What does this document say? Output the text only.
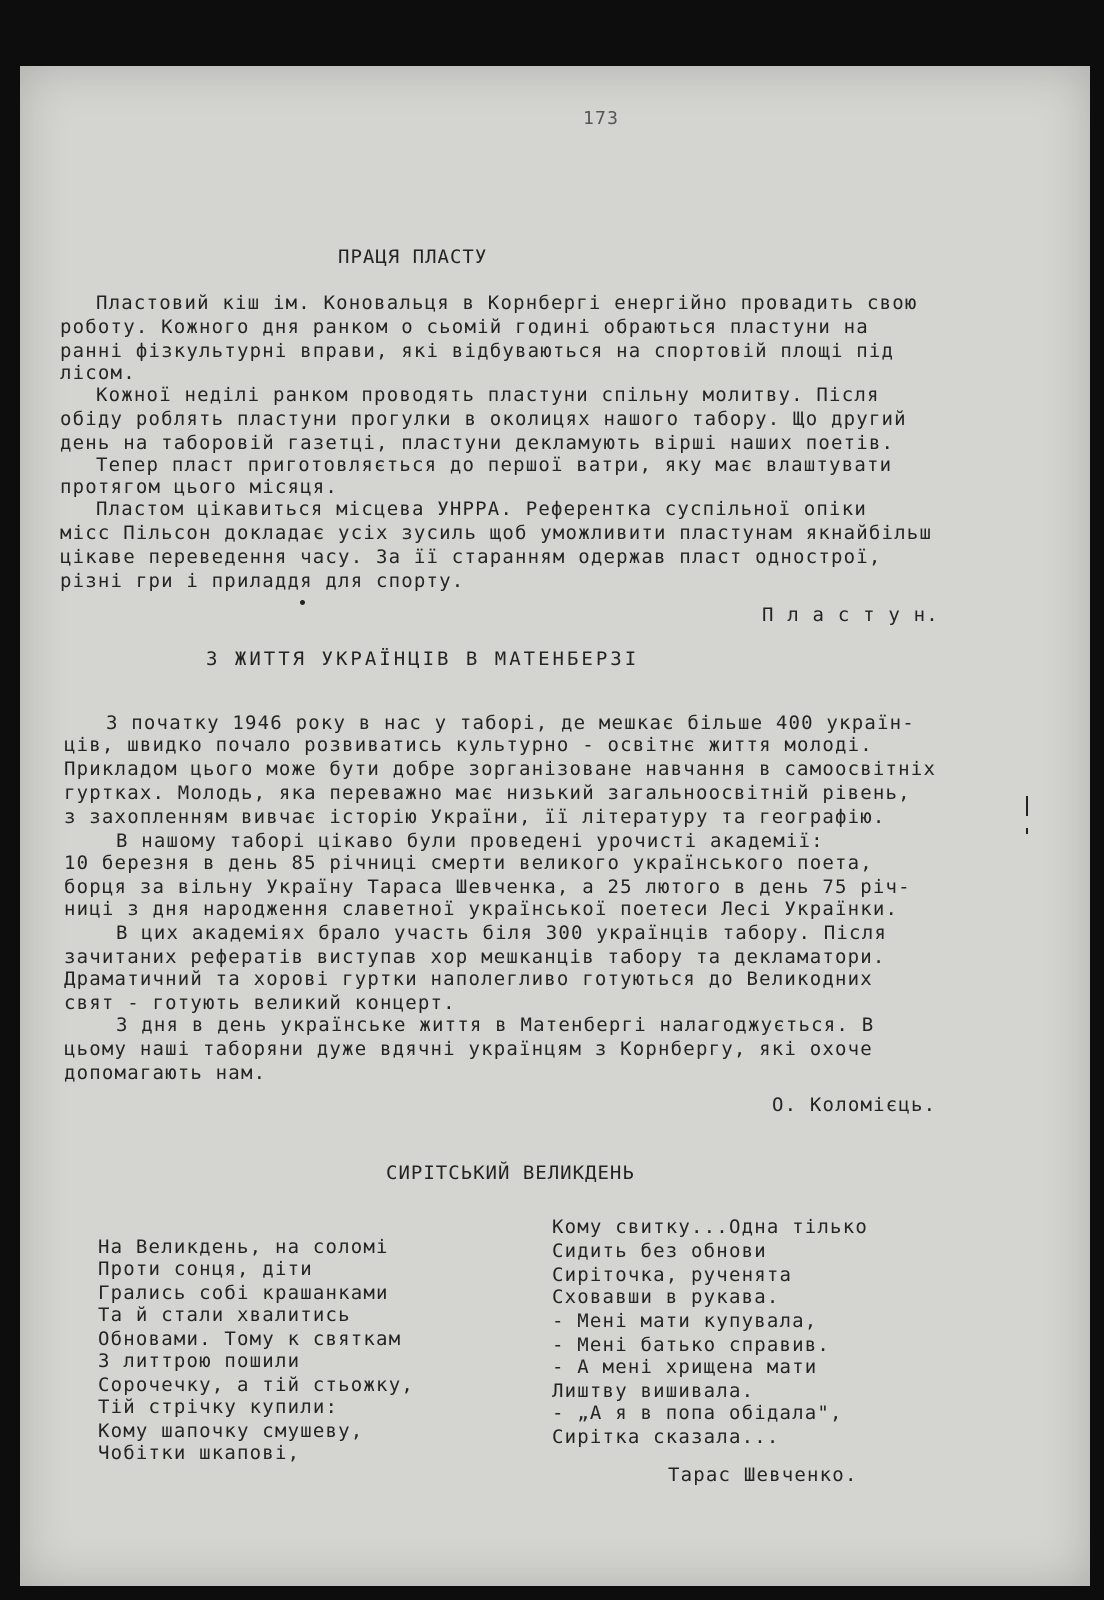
173
ПРАЦЯ ПЛАСТУ
Пластовий кіш ім. Коновальця в Корнбергі енергійно провадить свою
роботу. Кожного дня ранком о сьомій годині обраються пластуни на
ранні фізкультурні вправи, які відбуваються на спортовій площі під
лісом.
Кожної неділі ранком проводять пластуни спільну молитву. Після
обіду роблять пластуни прогулки в околицях нашого табору. Що другий
день на таборовій газетці, пластуни декламують вірші наших поетів.
Тепер пласт приготовляється до першої ватри, яку має влаштувати
протягом цього місяця.
Пластом цікавиться місцева УНРРА. Референтка суспільної опіки
місс Пільсон докладає усіх зусиль щоб уможливити пластунам якнайбільш
цікаве переведення часу. За її старанням одержав пласт однострої,
різні гри і приладдя для спорту.
П л а с т у н.
З ЖИТТЯ УКРАЇНЦІВ В МАТЕНБЕРЗІ
З початку 1946 року в нас у таборі, де мешкає більше 400 україн-
ців, швидко почало розвиватись культурно - освітнє життя молоді.
Прикладом цього може бути добре зорганізоване навчання в самоосвітніх
гуртках. Молодь, яка переважно має низький загальноосвітній рівень,
з захопленням вивчає історію України, її літературу та географію.
В нашому таборі цікаво були проведені урочисті академії:
10 березня в день 85 річниці смерти великого українського поета,
борця за вільну Україну Тараса Шевченка, а 25 лютого в день 75 річ-
ниці з дня народження славетної української поетеси Лесі Українки.
В цих академіях брало участь біля 300 українців табору. Після
зачитаних рефератів виступав хор мешканців табору та декламатори.
Драматичний та хорові гуртки наполегливо готуються до Великодних
свят - готують великий концерт.
З дня в день українське життя в Матенбергі налагоджується. В
цьому наші таборяни дуже вдячні українцям з Корнбергу, які охоче
допомагають нам.
О. Коломієць.
СИРІТСЬКИЙ ВЕЛИКДЕНЬ
На Великдень, на соломі
Проти сонця, діти
Грались собі крашанками
Та й стали хвалитись
Обновами. Тому к святкам
З литтрою пошили
Сорочечку, а тій стьожку,
Тій стрічку купили:
Кому шапочку смушеву,
Чобітки шкапові,
Кому свитку...Одна тілько
Сидить без обнови
Сиріточка, рученята
Сховавши в рукава.
- Мені мати купувала,
- Мені батько справив.
- А мені хрищена мати
Лиштву вишивала.
- „А я в попа обідала",
Сирітка сказала...
Тарас Шевченко.
